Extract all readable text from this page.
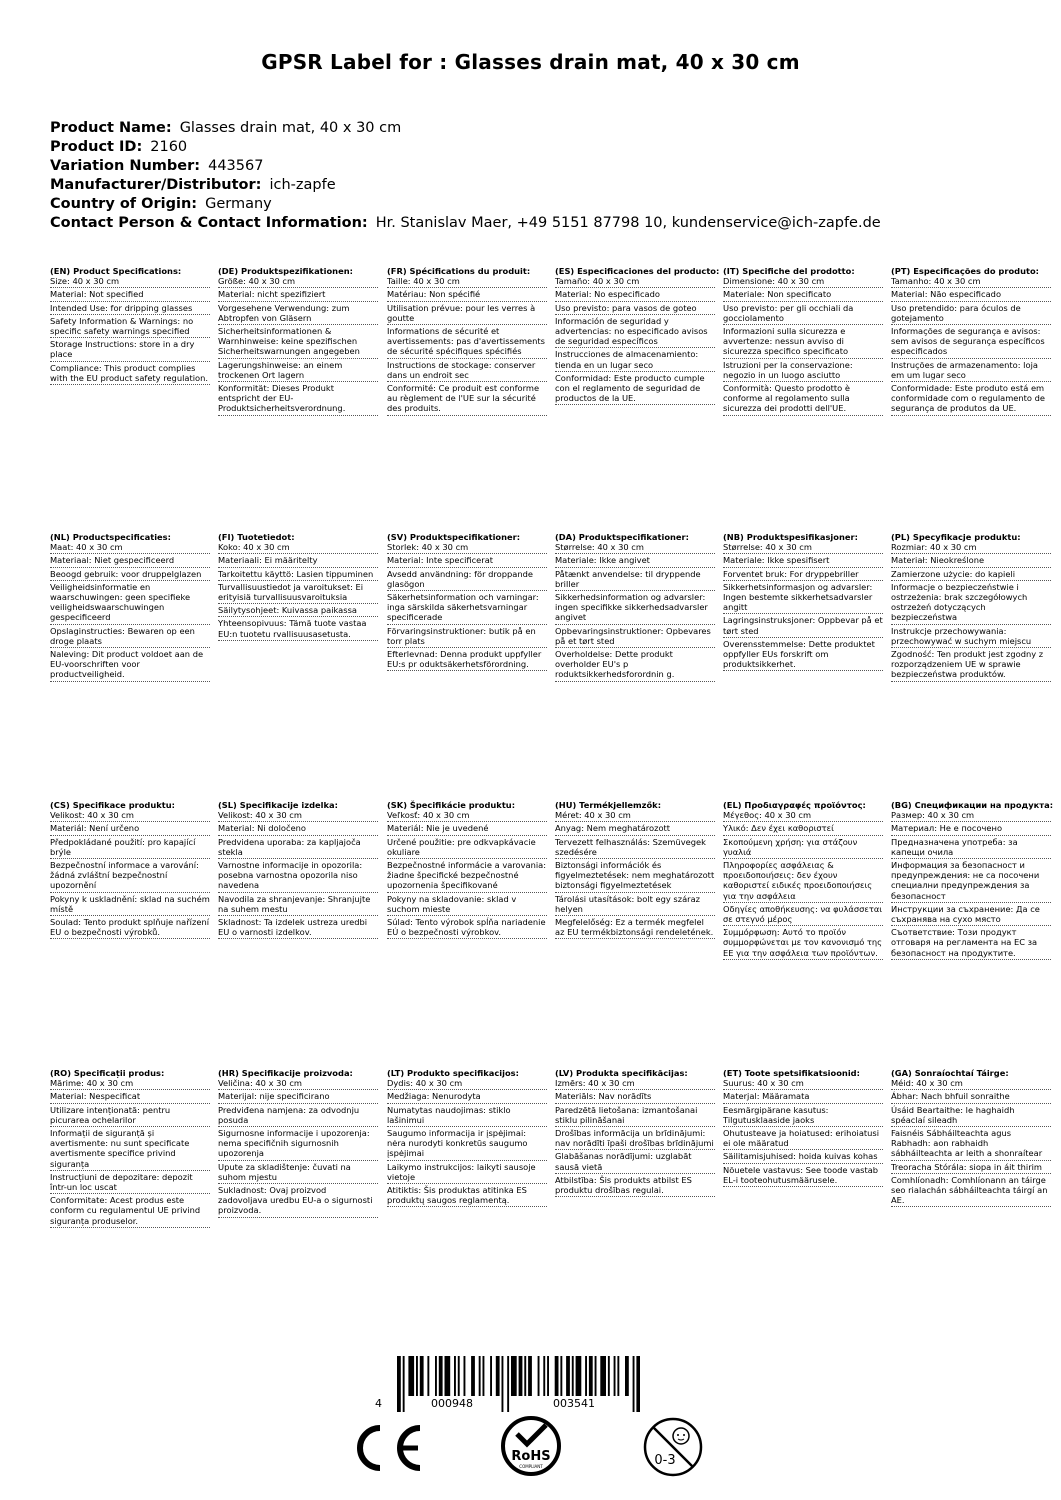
GPSR Label for : Glasses drain mat, 40 x 30 cm
Product Name: Glasses drain mat, 40 x 30 cm
Product ID: 2160
Variation Number: 443567
Manufacturer/Distributor: ich-zapfe
Country of Origin: Germany
Contact Person & Contact Information: Hr. Stanislav Maer, +49 5151 87798 10, kundenservice@ich-zapfe.de
(EN) Product Specifications:
Size: 40 x 30 cm
Material: Not specified
Intended Use: for dripping glasses
Safety Information & Warnings: no specific safety warnings specified
Storage Instructions: store in a dry place
Compliance: This product complies with the EU product safety regulation.
(DE) Produktspezifikationen:
Größe: 40 x 30 cm
Material: nicht spezifiziert
Vorgesehene Verwendung: zum Abtropfen von Gläsern
Sicherheitsinformationen & Warnhinweise: keine spezifischen Sicherheitswarnungen angegeben
Lagerungshinweise: an einem trockenen Ort lagern
Konformität: Dieses Produkt entspricht der EU-Produktsicherheitsverordnung.
(FR) Spécifications du produit:
Taille: 40 x 30 cm
Matériau: Non spécifié
Utilisation prévue: pour les verres à goutte
Informations de sécurité et avertissements: pas d'avertissements de sécurité spécifiques spécifiés
Instructions de stockage: conserver dans un endroit sec
Conformité: Ce produit est conforme au règlement de l'UE sur la sécurité des produits.
(ES) Especificaciones del producto:
Tamaño: 40 x 30 cm
Material: No especificado
Uso previsto: para vasos de goteo
Información de seguridad y advertencias: no especificado avisos de seguridad específicos
Instrucciones de almacenamiento: tienda en un lugar seco
Conformidad: Este producto cumple con el reglamento de seguridad de productos de la UE.
(IT) Specifiche del prodotto:
Dimensione: 40 x 30 cm
Materiale: Non specificato
Uso previsto: per gli occhiali da gocciolamento
Informazioni sulla sicurezza e avvertenze: nessun avviso di sicurezza specifico specificato
Istruzioni per la conservazione: negozio in un luogo asciutto
Conformità: Questo prodotto è conforme al regolamento sulla sicurezza dei prodotti dell'UE.
(PT) Especificações do produto:
Tamanho: 40 x 30 cm
Material: Não especificado
Uso pretendido: para óculos de gotejamento
Informações de segurança e avisos: sem avisos de segurança específicos especificados
Instruções de armazenamento: loja em um lugar seco
Conformidade: Este produto está em conformidade com o regulamento de segurança de produtos da UE.
(NL) Productspecificaties:
Maat: 40 x 30 cm
Materiaal: Niet gespecificeerd
Beoogd gebruik: voor druppelglazen
Veiligheidsinformatie en waarschuwingen: geen specifieke veiligheidswaarschuwingen gespecificeerd
Opslaginstructies: Bewaren op een droge plaats
Naleving: Dit product voldoet aan de EU-voorschriften voor productveiligheid.
(FI) Tuotetiedot:
Koko: 40 x 30 cm
Materiaali: Ei määritelty
Tarkoitettu käyttö: Lasien tippuminen
Turvallisuustiedot ja varoitukset: Ei erityisiä turvallisuusvaroituksia
Säilytysohjeet: Kuivassa paikassa
Yhteensopivuus: Tämä tuote vastaa EU:n tuotetu rvallisuusasetusta.
(SV) Produktspecifikationer:
Storlek: 40 x 30 cm
Material: Inte specificerat
Avsedd användning: för droppande glasögon
Säkerhetsinformation och varningar: inga särskilda säkerhetsvarningar specificerade
Förvaringsinstruktioner: butik på en torr plats
Efterlevnad: Denna produkt uppfyller EU:s pr oduktsäkerhetsförordning.
(DA) Produktspecifikationer:
Størrelse: 40 x 30 cm
Materiale: Ikke angivet
Påtænkt anvendelse: til dryppende briller
Sikkerhedsinformation og advarsler: ingen specifikke sikkerhedsadvarsler angivet
Opbevaringsinstruktioner: Opbevares på et tørt sted
Overholdelse: Dette produkt overholder EU's p roduktsikkerhedsforordnin g.
(NB) Produktspesifikasjoner:
Størrelse: 40 x 30 cm
Materiale: Ikke spesifisert
Forventet bruk: For dryppebriller
Sikkerhetsinformasjon og advarsler: Ingen bestemte sikkerhetsadvarsler angitt
Lagringsinstruksjoner: Oppbevar på et tørt sted
Overensstemmelse: Dette produktet oppfyller EUs forskrift om produktsikkerhet.
(PL) Specyfikacje produktu:
Rozmiar: 40 x 30 cm
Materiał: Nieokreślone
Zamierzone użycie: do kapieli
Informacje o bezpieczeństwie i ostrzeżenia: brak szczegółowych ostrzeżeń dotyczących bezpieczeństwa
Instrukcje przechowywania: przechowywać w suchym miejscu
Zgodność: Ten produkt jest zgodny z rozporządzeniem UE w sprawie bezpieczeństwa produktów.
(CS) Specifikace produktu:
Velikost: 40 x 30 cm
Materiál: Není určeno
Předpokládané použití: pro kapající brýle
Bezpečnostní informace a varování: žádná zvláštní bezpečnostní upozornění
Pokyny k uskladnění: sklad na suchém místě
Soulad: Tento produkt splňuje nařízení EU o bezpečnosti výrobků.
(SL) Specifikacije izdelka:
Velikost: 40 x 30 cm
Material: Ni določeno
Predvidena uporaba: za kapljajoča stekla
Varnostne informacije in opozorila: posebna varnostna opozorila niso navedena
Navodila za shranjevanje: Shranjujte na suhem mestu
Skladnost: Ta izdelek ustreza uredbi EU o varnosti izdelkov.
(SK) Špecifikácie produktu:
Veľkosť: 40 x 30 cm
Materiál: Nie je uvedené
Určené použitie: pre odkvapkávacie okuliare
Bezpečnostné informácie a varovania: žiadne špecifické bezpečnostné upozornenia špecifikované
Pokyny na skladovanie: sklad v suchom mieste
Súlad: Tento výrobok spĺňa nariadenie EÚ o bezpečnosti výrobkov.
(HU) Termékjellemzők:
Méret: 40 x 30 cm
Anyag: Nem meghatározott
Tervezett felhasználás: Szemüvegek szedésére
Biztonsági információk és figyelmeztetések: nem meghatározott biztonsági figyelmeztetések
Tárolási utasítások: bolt egy száraz helyen
Megfelelőség: Ez a termék megfelel az EU termékbiztonsági rendeletének.
(EL) Προδιαγραφές προϊόντος:
Μέγεθος: 40 x 30 cm
Υλικό: Δεν έχει καθοριστεί
Σκοπούμενη χρήση: για στάζουν γυαλιά
Πληροφορίες ασφάλειας & προειδοποιήσεις: δεν έχουν καθοριστεί ειδικές προειδοποιήσεις για την ασφάλεια
Οδηγίες αποθήκευσης: να φυλάσσεται σε στεγνό μέρος
Συμμόρφωση: Αυτό το προϊόν συμμορφώνεται με τον κανονισμό της ΕΕ για την ασφάλεια των προϊόντων.
(BG) Спецификации на продукта:
Размер: 40 x 30 cm
Материал: Не е посочено
Предназначена употреба: за капещи очила
Информация за безопасност и предупреждения: не са посочени специални предупреждения за безопасност
Инструкции за съхранение: Да се съхранява на сухо място
Съответствие: Този продукт отговаря на регламента на ЕС за безопасност на продуктите.
(RO) Specificații produs:
Mărime: 40 x 30 cm
Material: Nespecificat
Utilizare intenționată: pentru picurarea ochelarilor
Informații de siguranță și avertismente: nu sunt specificate avertismente specifice privind siguranța
Instrucțiuni de depozitare: depozit într-un loc uscat
Conformitate: Acest produs este conform cu regulamentul UE privind siguranța produselor.
(HR) Specifikacije proizvoda:
Veličina: 40 x 30 cm
Materijal: nije specificirano
Predviđena namjena: za odvodnju posuda
Sigurnosne informacije i upozorenja: nema specifičnih sigurnosnih upozorenja
Upute za skladištenje: čuvati na suhom mjestu
Sukladnost: Ovaj proizvod zadovoljava uredbu EU-a o sigurnosti proizvoda.
(LT) Produkto specifikacijos:
Dydis: 40 x 30 cm
Medžiaga: Nenurodyta
Numatytas naudojimas: stiklo lašinimui
Saugumo informacija ir įspėjimai: nėra nurodyti konkretūs saugumo įspėjimai
Laikymo instrukcijos: laikyti sausoje vietoje
Atitiktis: Šis produktas atitinka ES produktų saugos reglamentą.
(LV) Produkta specifikācijas:
Izmērs: 40 x 30 cm
Materiāls: Nav norādīts
Paredzētā lietošana: izmantošanai stiklu pilināšanai
Drošības informācija un brīdinājumi: nav norādīti īpaši drošības brīdinājumi
Glabāšanas norādījumi: uzglabāt sausā vietā
Atbilstība: Šis produkts atbilst ES produktu drošības regulai.
(ET) Toote spetsifikatsioonid:
Suurus: 40 x 30 cm
Materjal: Määramata
Eesmärgipärane kasutus: Tilgutusklaaside jaoks
Ohutusteave ja hoiatused: erihoiatusi ei ole määratud
Säilitamisjuhised: hoida kuivas kohas
Nõuetele vastavus: See toode vastab EL-i tooteohutusmäärusele.
(GA) Sonraíochtaí Táirge:
Méid: 40 x 30 cm
Ábhar: Nach bhfuil sonraithe
Úsáid Beartaithe: le haghaidh spéaclaí sileadh
Faisnéis Sábháilteachta agus Rabhadh: aon rabhaidh sábháilteachta ar leith a shonraítear
Treoracha Stórála: siopa in áit thirim
Comhlíonadh: Comhlíonann an táirge seo rialachán sábháilteachta táirgí an AE.
4	000948	003541
RoHS
COMPLIANT	0-3
